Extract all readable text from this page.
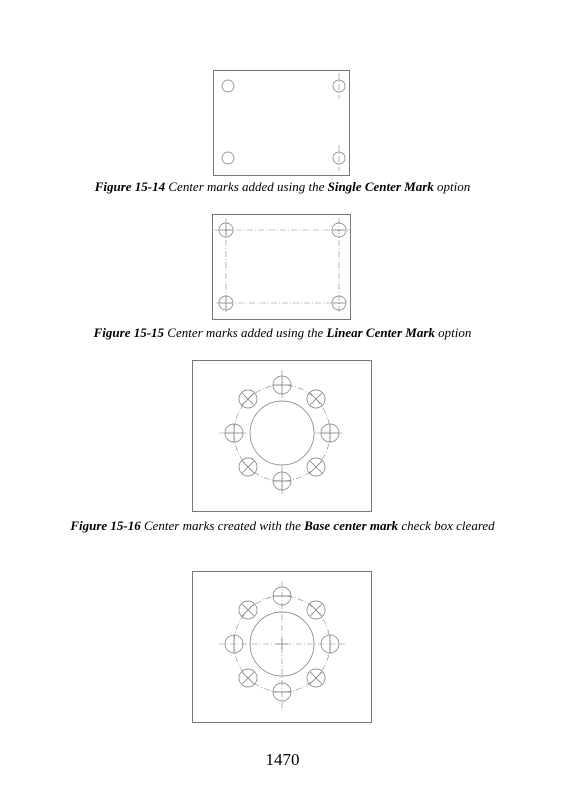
Figure 15-14 Center marks added using the Single Center Mark option
Figure 15-15 Center marks added using the Linear Center Mark option
Figure 15-16 Center marks created with the Base center mark check box cleared
1470
